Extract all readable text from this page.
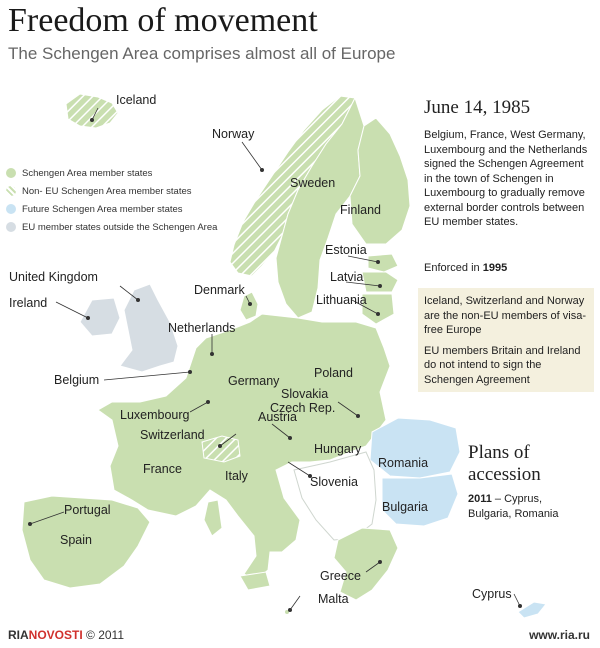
Freedom of movement
The Schengen Area comprises almost all of Europe
Schengen Area member states
Non- EU Schengen Area member states
Future Schengen Area member states
EU member states outside the Schengen Area
Iceland
Norway
Sweden
Finland
Estonia
Latvia
Lithuania
United Kingdom
Ireland
Denmark
Netherlands
Belgium	Germany
Poland
Slovakia
Czech Rep.
Luxembourg	Austria
Switzerland
Hungary
France	Italy	Slovenia
Romania
Bulgaria
Portugal
Spain
Greece
Malta	Cyprus
June 14, 1985
Belgium, France, West Germany, Luxembourg and the Netherlands signed the Schengen Agreement in the town of Schengen in Luxembourg to gradually remove external border controls between EU member states.
Enforced in 1995

Iceland, Switzerland and Norway are the non-EU members of visa-free Europe

EU members Britain and Ireland do not intend to sign the Schengen Agreement

Plans of accession
2011 – Cyprus, Bulgaria, Romania
RIANOVOSTI © 2011	www.ria.ru
